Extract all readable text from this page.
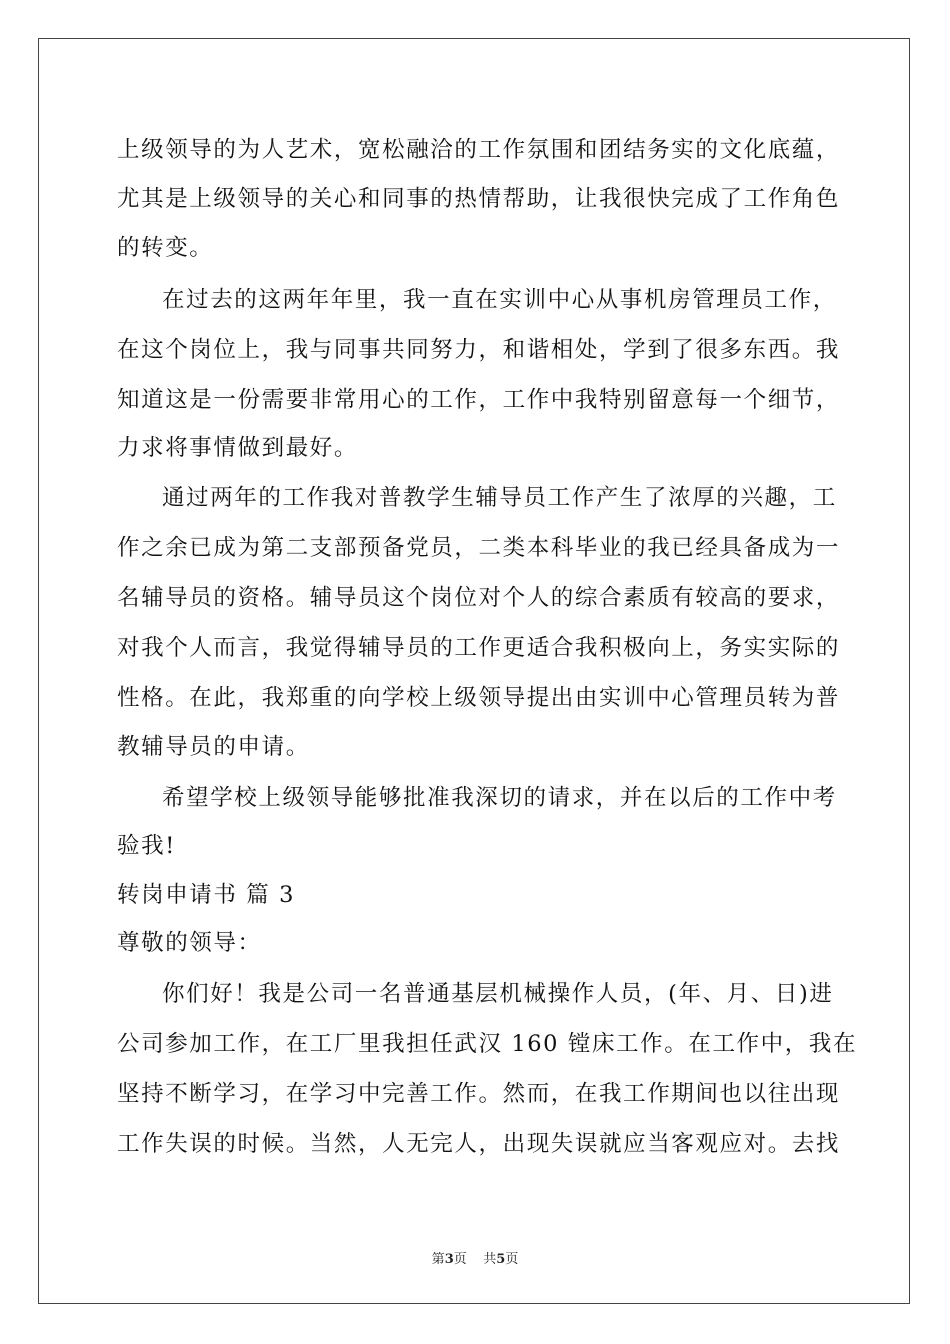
上级领导的为人艺术，宽松融洽的工作氛围和团结务实的文化底蕴，
尤其是上级领导的关心和同事的热情帮助，让我很快完成了工作角色
的转变。
在过去的这两年年里，我一直在实训中心从事机房管理员工作，
在这个岗位上，我与同事共同努力，和谐相处，学到了很多东西。我
知道这是一份需要非常用心的工作，工作中我特别留意每一个细节，
力求将事情做到最好。
通过两年的工作我对普教学生辅导员工作产生了浓厚的兴趣，工
作之余已成为第二支部预备党员，二类本科毕业的我已经具备成为一
名辅导员的资格。辅导员这个岗位对个人的综合素质有较高的要求，
对我个人而言，我觉得辅导员的工作更适合我积极向上，务实实际的
性格。在此，我郑重的向学校上级领导提出由实训中心管理员转为普
教辅导员的申请。
希望学校上级领导能够批准我深切的请求，并在以后的工作中考
验我!
转岗申请书 篇 3
尊敬的领导：
你们好！我是公司一名普通基层机械操作人员，(年、月、日)进
公司参加工作，在工厂里我担任武汉 160 镗床工作。在工作中，我在
坚持不断学习，在学习中完善工作。然而，在我工作期间也以往出现
工作失误的时候。当然，人无完人，出现失误就应当客观应对。去找
第3页    共5页
